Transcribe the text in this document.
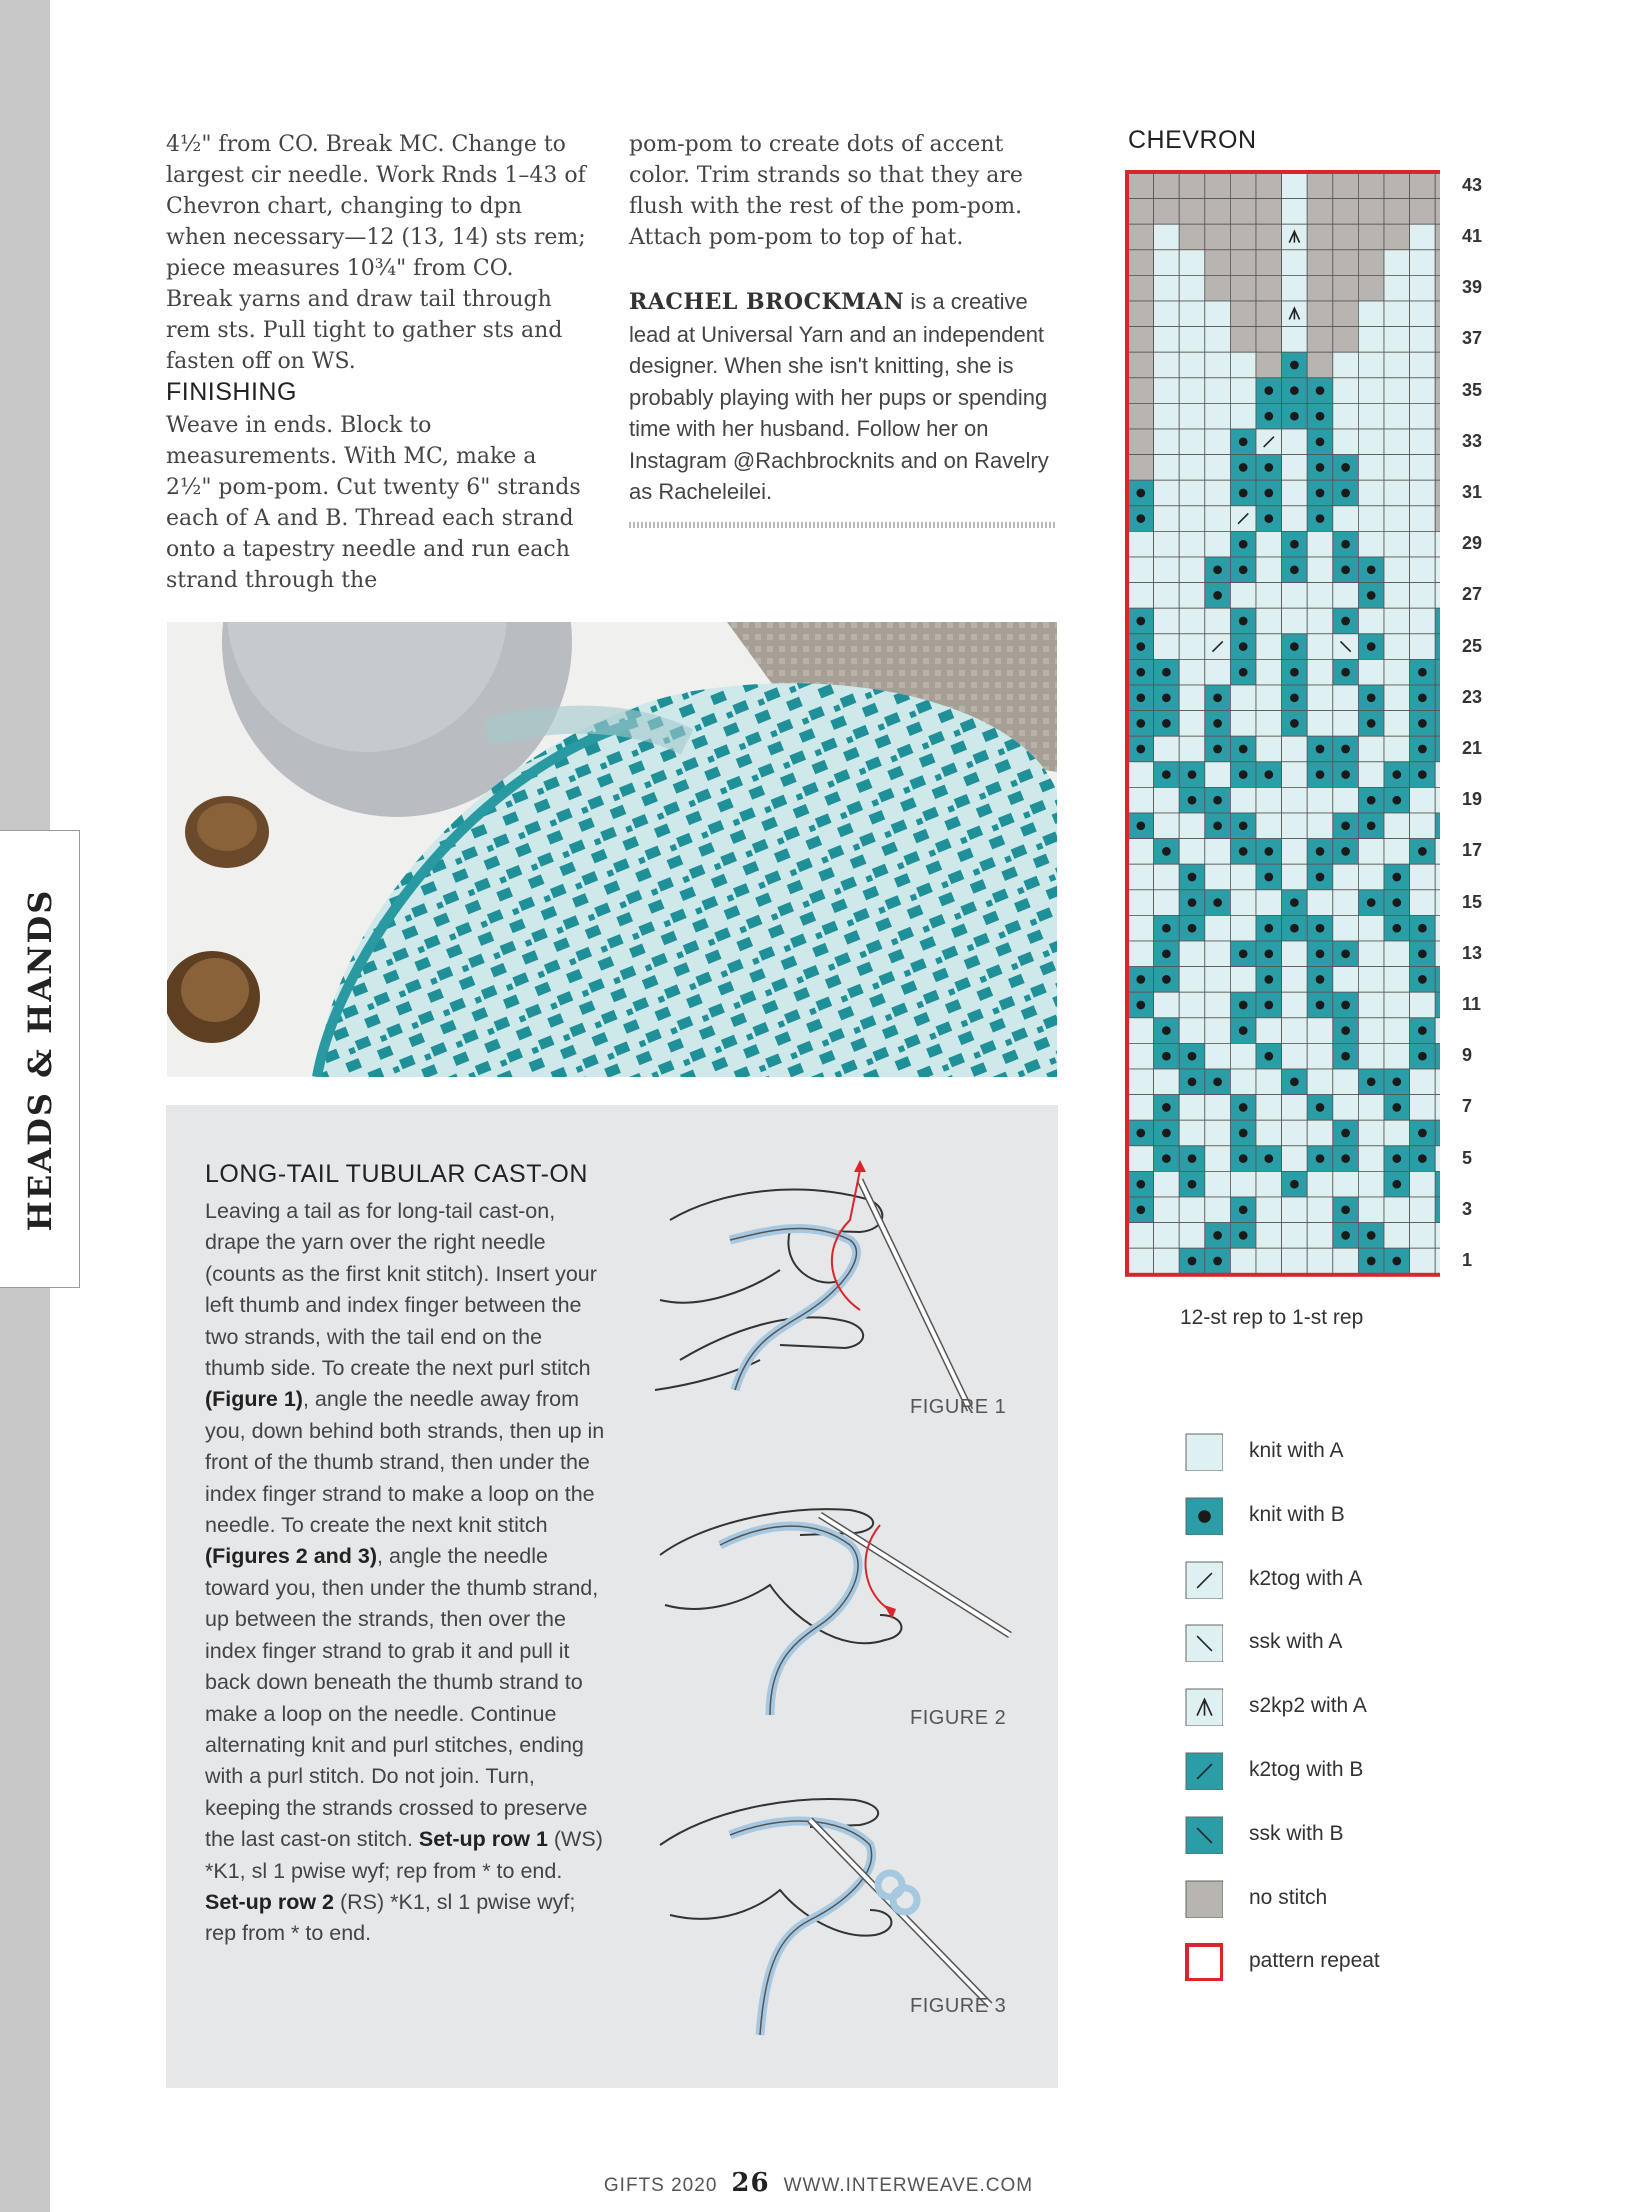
HEADS & HANDS

4½" from CO. Break MC. Change to largest cir needle. Work Rnds 1–43 of Chevron chart, changing to dpn when necessary—12 (13, 14) sts rem; piece measures 10¾" from CO. Break yarns and draw tail through rem sts. Pull tight to gather sts and fasten off on WS.

FINISHING

Weave in ends. Block to measurements. With MC, make a 2½" pom-pom. Cut twenty 6" strands each of A and B. Thread each strand onto a tapestry needle and run each strand through the

pom-pom to create dots of accent color. Trim strands so that they are flush with the rest of the pom-pom. Attach pom-pom to top of hat.

RACHEL BROCKMAN is a creative lead at Universal Yarn and an independent designer. When she isn't knitting, she is probably playing with her pups or spending time with her husband. Follow her on Instagram @Rachbrocknits and on Ravelry as Racheleilei.

LONG-TAIL TUBULAR CAST-ON

Leaving a tail as for long-tail cast-on, drape the yarn over the right needle (counts as the first knit stitch). Insert your left thumb and index finger between the two strands, with the tail end on the thumb side. To create the next purl stitch (Figure 1), angle the needle away from you, down behind both strands, then up in front of the thumb strand, then under the index finger strand to make a loop on the needle. To create the next knit stitch (Figures 2 and 3), angle the needle toward you, then under the thumb strand, up between the strands, then over the index finger strand to grab it and pull it back down beneath the thumb strand to make a loop on the needle. Continue alternating knit and purl stitches, ending with a purl stitch. Do not join. Turn, keeping the strands crossed to preserve the last cast-on stitch. Set-up row 1 (WS) *K1, sl 1 pwise wyf; rep from * to end. Set-up row 2 (RS) *K1, sl 1 pwise wyf; rep from * to end.

FIGURE 1
FIGURE 2
FIGURE 3
CHEVRON
43
41
39
37
35
33
31
29
27
25
23
21
19
17
15
13
11
9
7
5
3
1
12-st rep to 1-st rep
knit with A
knit with B
k2tog with A
ssk with A
s2kp2 with A
k2tog with B
ssk with B
no stitch
pattern repeat
GIFTS 2020 26 WWW.INTERWEAVE.COM
